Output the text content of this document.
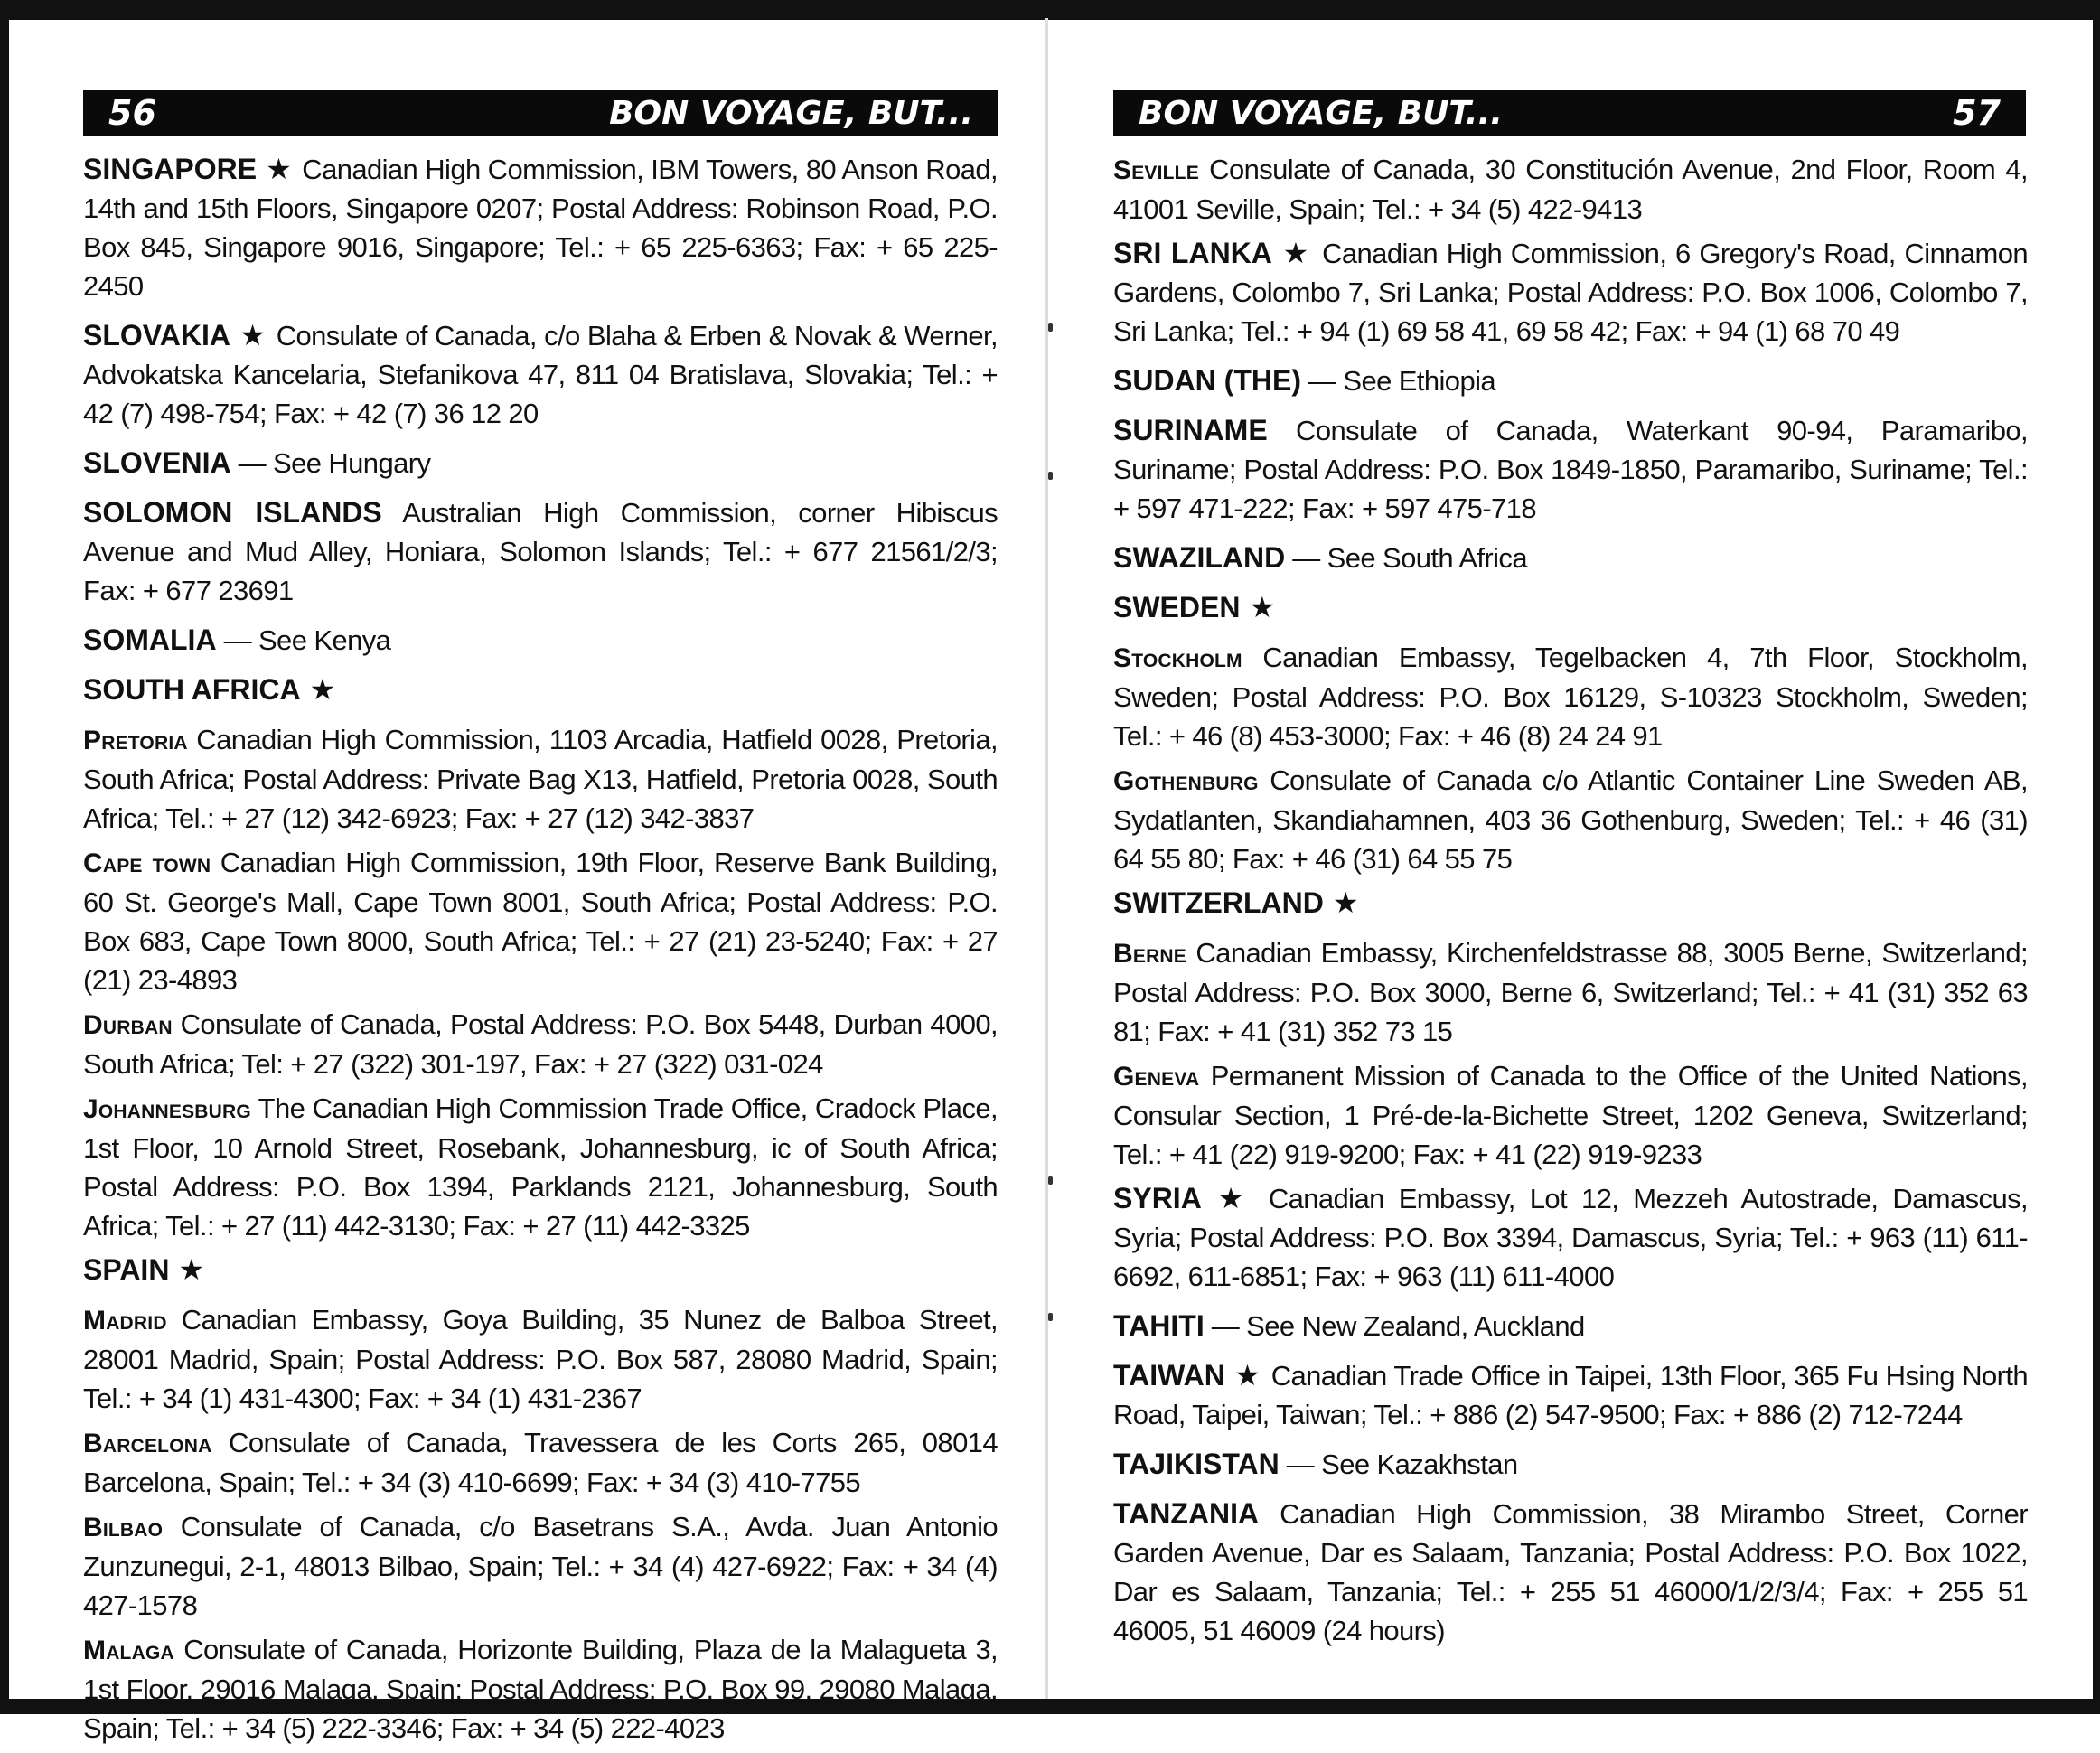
56	BON VOYAGE, BUT...

SINGAPORE ★ Canadian High Commission, IBM Towers, 80 Anson Road, 14th and 15th Floors, Singapore 0207; Postal Address: Robinson Road, P.O. Box 845, Singapore 9016, Singapore; Tel.: + 65 225-6363; Fax: + 65 225-2450

SLOVAKIA ★ Consulate of Canada, c/o Blaha & Erben & Novak & Werner, Advokatska Kancelaria, Stefanikova 47, 811 04 Bratislava, Slovakia; Tel.: + 42 (7) 498-754; Fax: + 42 (7) 36 12 20

SLOVENIA — See Hungary

SOLOMON ISLANDS Australian High Commission, corner Hibiscus Avenue and Mud Alley, Honiara, Solomon Islands; Tel.: + 677 21561/2/3; Fax: + 677 23691

SOMALIA — See Kenya

SOUTH AFRICA ★

Pretoria Canadian High Commission, 1103 Arcadia, Hatfield 0028, Pretoria, South Africa; Postal Address: Private Bag X13, Hatfield, Pretoria 0028, South Africa; Tel.: + 27 (12) 342-6923; Fax: + 27 (12) 342-3837

Cape town Canadian High Commission, 19th Floor, Reserve Bank Building, 60 St. George's Mall, Cape Town 8001, South Africa; Postal Address: P.O. Box 683, Cape Town 8000, South Africa; Tel.: + 27 (21) 23-5240; Fax: + 27 (21) 23-4893

Durban Consulate of Canada, Postal Address: P.O. Box 5448, Durban 4000, South Africa; Tel: + 27 (322) 301-197, Fax: + 27 (322) 031-024

Johannesburg The Canadian High Commission Trade Office, Cradock Place, 1st Floor, 10 Arnold Street, Rosebank, Johannesburg, ic of South Africa; Postal Address: P.O. Box 1394, Parklands 2121, Johannesburg, South Africa; Tel.: + 27 (11) 442-3130; Fax: + 27 (11) 442-3325

SPAIN ★

Madrid Canadian Embassy, Goya Building, 35 Nunez de Balboa Street, 28001 Madrid, Spain; Postal Address: P.O. Box 587, 28080 Madrid, Spain; Tel.: + 34 (1) 431-4300; Fax: + 34 (1) 431-2367

Barcelona Consulate of Canada, Travessera de les Corts 265, 08014 Barcelona, Spain; Tel.: + 34 (3) 410-6699; Fax: + 34 (3) 410-7755

Bilbao Consulate of Canada, c/o Basetrans S.A., Avda. Juan Antonio Zunzunegui, 2-1, 48013 Bilbao, Spain; Tel.: + 34 (4) 427-6922; Fax: + 34 (4) 427-1578

Malaga Consulate of Canada, Horizonte Building, Plaza de la Malagueta 3, 1st Floor, 29016 Malaga, Spain; Postal Address: P.O. Box 99, 29080 Malaga, Spain; Tel.: + 34 (5) 222-3346; Fax: + 34 (5) 222-4023

BON VOYAGE, BUT...	57

Seville Consulate of Canada, 30 Constitución Avenue, 2nd Floor, Room 4, 41001 Seville, Spain; Tel.: + 34 (5) 422-9413

SRI LANKA ★ Canadian High Commission, 6 Gregory's Road, Cinnamon Gardens, Colombo 7, Sri Lanka; Postal Address: P.O. Box 1006, Colombo 7, Sri Lanka; Tel.: + 94 (1) 69 58 41, 69 58 42; Fax: + 94 (1) 68 70 49

SUDAN (THE) — See Ethiopia

SURINAME Consulate of Canada, Waterkant 90-94, Paramaribo, Suriname; Postal Address: P.O. Box 1849-1850, Paramaribo, Suriname; Tel.: + 597 471-222; Fax: + 597 475-718

SWAZILAND — See South Africa

SWEDEN ★

Stockholm Canadian Embassy, Tegelbacken 4, 7th Floor, Stockholm, Sweden; Postal Address: P.O. Box 16129, S-10323 Stockholm, Sweden; Tel.: + 46 (8) 453-3000; Fax: + 46 (8) 24 24 91

Gothenburg Consulate of Canada c/o Atlantic Container Line Sweden AB, Sydatlanten, Skandiahamnen, 403 36 Gothenburg, Sweden; Tel.: + 46 (31) 64 55 80; Fax: + 46 (31) 64 55 75

SWITZERLAND ★

Berne Canadian Embassy, Kirchenfeldstrasse 88, 3005 Berne, Switzerland; Postal Address: P.O. Box 3000, Berne 6, Switzerland; Tel.: + 41 (31) 352 63 81; Fax: + 41 (31) 352 73 15

Geneva Permanent Mission of Canada to the Office of the United Nations, Consular Section, 1 Pré-de-la-Bichette Street, 1202 Geneva, Switzerland; Tel.: + 41 (22) 919-9200; Fax: + 41 (22) 919-9233

SYRIA ★ Canadian Embassy, Lot 12, Mezzeh Autostrade, Damascus, Syria; Postal Address: P.O. Box 3394, Damascus, Syria; Tel.: + 963 (11) 611-6692, 611-6851; Fax: + 963 (11) 611-4000

TAHITI — See New Zealand, Auckland

TAIWAN ★ Canadian Trade Office in Taipei, 13th Floor, 365 Fu Hsing North Road, Taipei, Taiwan; Tel.: + 886 (2) 547-9500; Fax: + 886 (2) 712-7244

TAJIKISTAN — See Kazakhstan

TANZANIA Canadian High Commission, 38 Mirambo Street, Corner Garden Avenue, Dar es Salaam, Tanzania; Postal Address: P.O. Box 1022, Dar es Salaam, Tanzania; Tel.: + 255 51 46000/1/2/3/4; Fax: + 255 51 46005, 51 46009 (24 hours)
